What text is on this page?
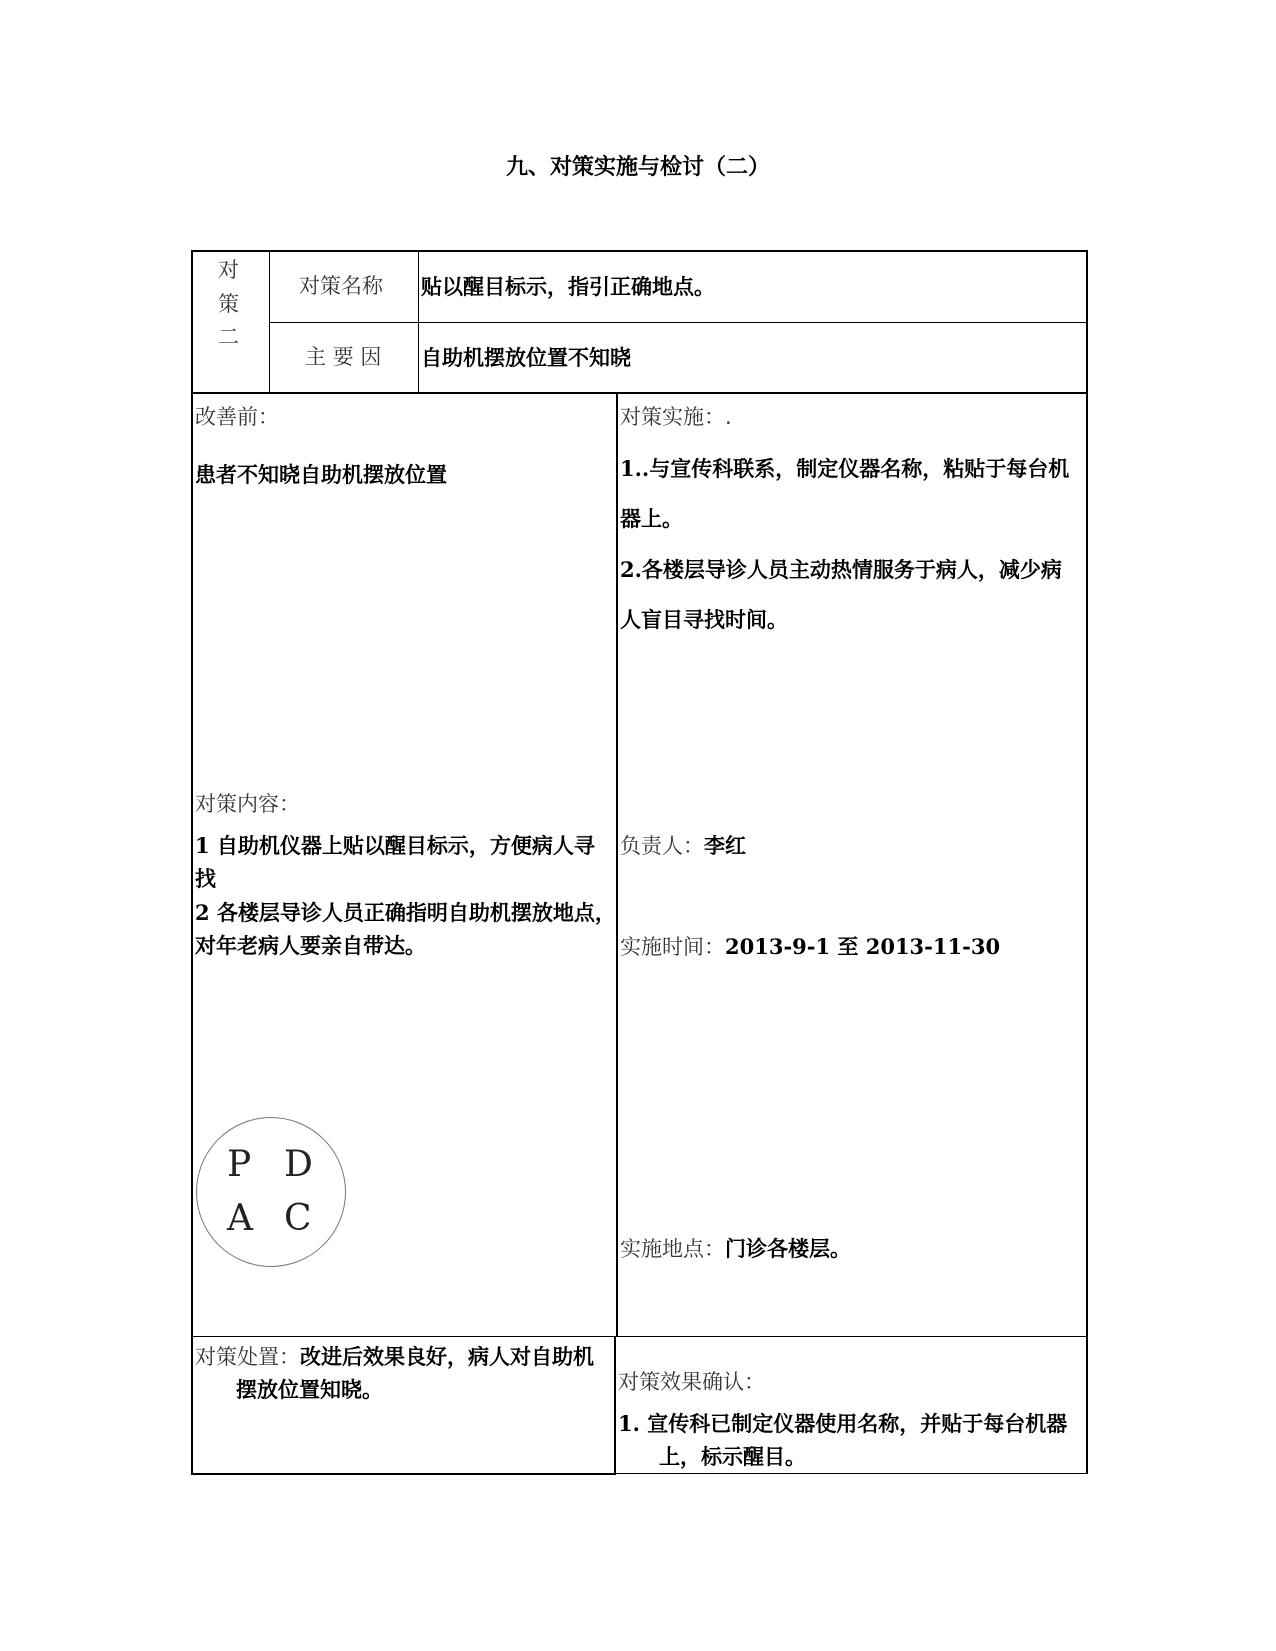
九、对策实施与检讨（二）
对
策
二
对策名称 贴以醒目标示，指引正确地点。
主 要 因 自助机摆放位置不知晓
改善前：
患者不知晓自助机摆放位置
对策内容：
1 自助机仪器上贴以醒目标示，方便病人寻
找
2 各楼层导诊人员正确指明自助机摆放地点，
对年老病人要亲自带达。
P D
A C
对策实施：.
1..与宣传科联系，制定仪器名称，粘贴于每台机
器上。
2.各楼层导诊人员主动热情服务于病人，减少病
人盲目寻找时间。
负责人：李红
实施时间：2013-9-1 至 2013-11-30
实施地点：门诊各楼层。
对策处置：改进后效果良好，病人对自助机
摆放位置知晓。	对策效果确认：
1. 宣传科已制定仪器使用名称，并贴于每台机器
上，标示醒目。
